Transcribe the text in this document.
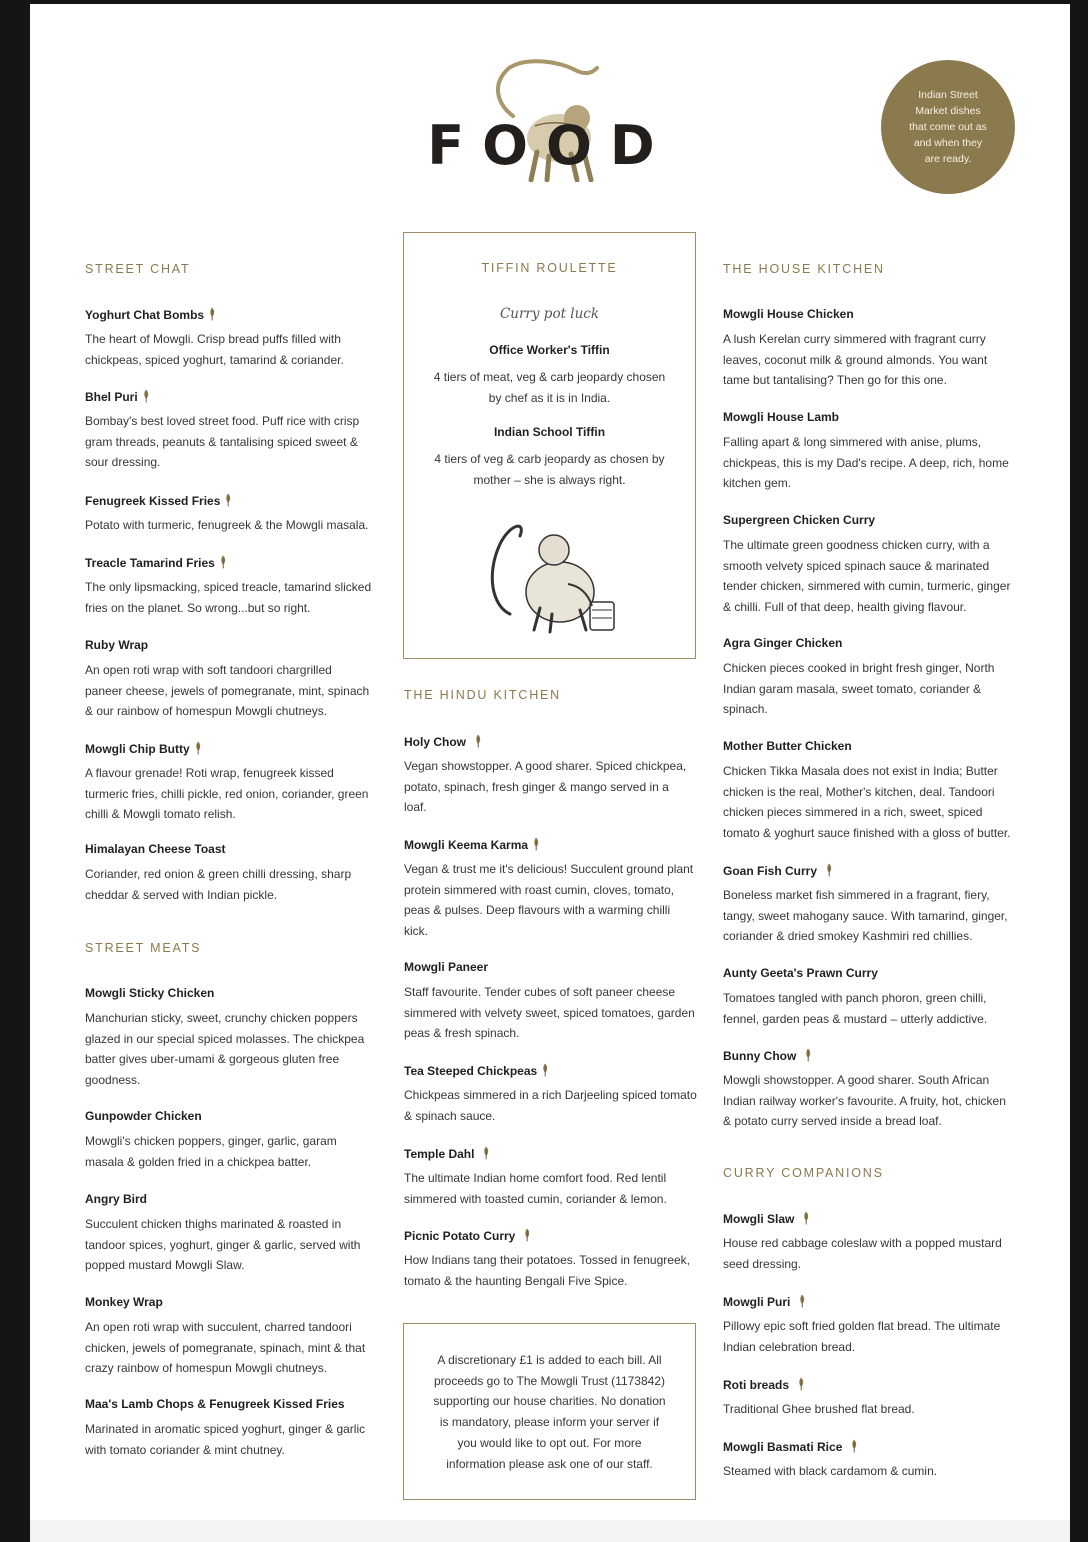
FOOD
Indian Street Market dishes that come out as and when they are ready.
STREET CHAT
Yoghurt Chat Bombs
The heart of Mowgli. Crisp bread puffs filled with
chickpeas, spiced yoghurt, tamarind & coriander.
Bhel Puri
Bombay's best loved street food. Puff rice with crisp
gram threads, peanuts & tantalising spiced sweet &
sour dressing.
Fenugreek Kissed Fries
Potato with turmeric, fenugreek & the Mowgli masala.
Treacle Tamarind Fries
The only lipsmacking, spiced treacle, tamarind slicked
fries on the planet. So wrong...but so right.
Ruby Wrap
An open roti wrap with soft tandoori chargrilled
paneer cheese, jewels of pomegranate, mint, spinach
& our rainbow of homespun Mowgli chutneys.
Mowgli Chip Butty
A flavour grenade! Roti wrap, fenugreek kissed
turmeric fries, chilli pickle, red onion, coriander, green
chilli & Mowgli tomato relish.
Himalayan Cheese Toast
Coriander, red onion & green chilli dressing, sharp
cheddar & served with Indian pickle.
STREET MEATS
Mowgli Sticky Chicken
Manchurian sticky, sweet, crunchy chicken poppers
glazed in our special spiced molasses. The chickpea
batter gives uber-umami & gorgeous gluten free
goodness.
Gunpowder Chicken
Mowgli's chicken poppers, ginger, garlic, garam
masala & golden fried in a chickpea batter.
Angry Bird
Succulent chicken thighs marinated & roasted in
tandoor spices, yoghurt, ginger & garlic, served with
popped mustard Mowgli Slaw.
Monkey Wrap
An open roti wrap with succulent, charred tandoori
chicken, jewels of pomegranate, spinach, mint & that
crazy rainbow of homespun Mowgli chutneys.
Maa's Lamb Chops & Fenugreek Kissed Fries
Marinated in aromatic spiced yoghurt, ginger & garlic
with tomato coriander & mint chutney.
THE HINDU KITCHEN
Holy Chow
Vegan showstopper. A good sharer. Spiced chickpea,
potato, spinach, fresh ginger & mango served in a
loaf.
Mowgli Keema Karma
Vegan & trust me it's delicious! Succulent ground plant
protein simmered with roast cumin, cloves, tomato,
peas & pulses. Deep flavours with a warming chilli
kick.
Mowgli Paneer
Staff favourite. Tender cubes of soft paneer cheese
simmered with velvety sweet, spiced tomatoes, garden
peas & fresh spinach.
Tea Steeped Chickpeas
Chickpeas simmered in a rich Darjeeling spiced tomato
& spinach sauce.
Temple Dahl
The ultimate Indian home comfort food. Red lentil
simmered with toasted cumin, coriander & lemon.
Picnic Potato Curry
How Indians tang their potatoes. Tossed in fenugreek,
tomato & the haunting Bengali Five Spice.
THE HOUSE KITCHEN
Mowgli House Chicken
A lush Kerelan curry simmered with fragrant curry
leaves, coconut milk & ground almonds. You want
tame but tantalising? Then go for this one.
Mowgli House Lamb
Falling apart & long simmered with anise, plums,
chickpeas, this is my Dad's recipe. A deep, rich, home
kitchen gem.
Supergreen Chicken Curry
The ultimate green goodness chicken curry, with a
smooth velvety spiced spinach sauce & marinated
tender chicken, simmered with cumin, turmeric, ginger
& chilli. Full of that deep, health giving flavour.
Agra Ginger Chicken
Chicken pieces cooked in bright fresh ginger, North
Indian garam masala, sweet tomato, coriander &
spinach.
Mother Butter Chicken
Chicken Tikka Masala does not exist in India; Butter
chicken is the real, Mother's kitchen, deal. Tandoori
chicken pieces simmered in a rich, sweet, spiced
tomato & yoghurt sauce finished with a gloss of butter.
Goan Fish Curry
Boneless market fish simmered in a fragrant, fiery,
tangy, sweet mahogany sauce. With tamarind, ginger,
coriander & dried smokey Kashmiri red chillies.
Aunty Geeta's Prawn Curry
Tomatoes tangled with panch phoron, green chilli,
fennel, garden peas & mustard – utterly addictive.
Bunny Chow
Mowgli showstopper. A good sharer. South African
Indian railway worker's favourite. A fruity, hot, chicken
& potato curry served inside a bread loaf.
CURRY COMPANIONS
Mowgli Slaw
House red cabbage coleslaw with a popped mustard
seed dressing.
Mowgli Puri
Pillowy epic soft fried golden flat bread. The ultimate
Indian celebration bread.
Roti breads
Traditional Ghee brushed flat bread.
Mowgli Basmati Rice
Steamed with black cardamom & cumin.
TIFFIN ROULETTE
Curry pot luck
Office Worker's Tiffin
4 tiers of meat, veg & carb jeopardy chosen
by chef as it is in India.
Indian School Tiffin
4 tiers of veg & carb jeopardy as chosen by
mother – she is always right.
A discretionary £1 is added to each bill. All
proceeds go to The Mowgli Trust (1173842)
supporting our house charities. No donation
is mandatory, please inform your server if
you would like to opt out. For more
information please ask one of our staff.
